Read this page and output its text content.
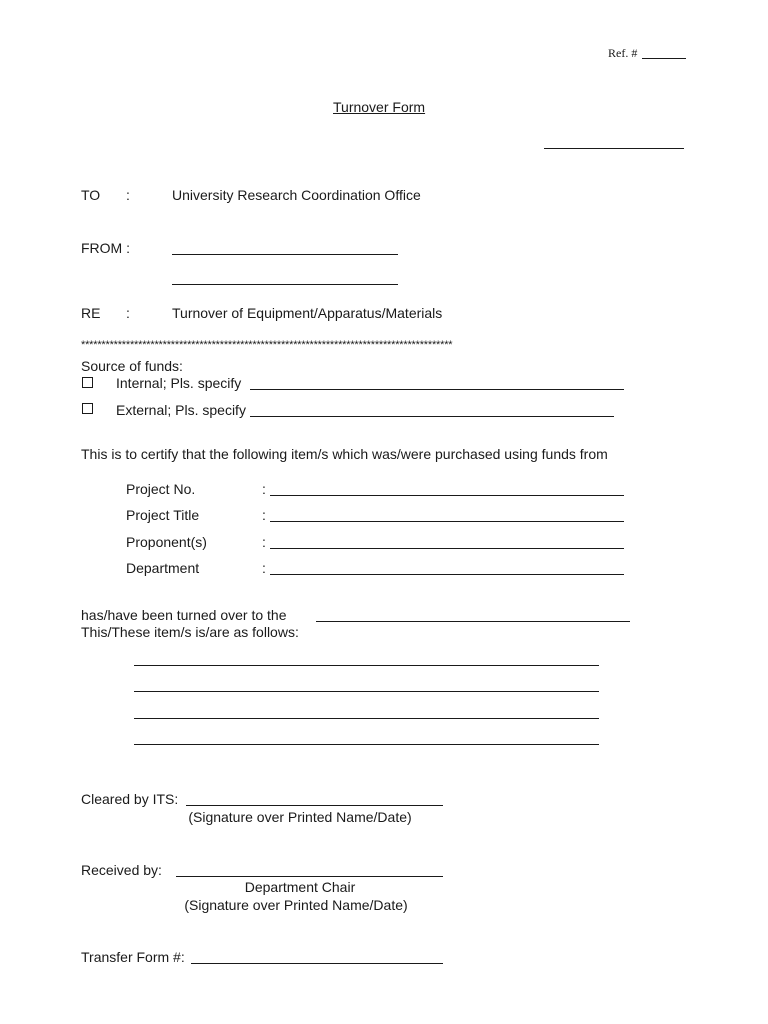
Ref. #
Turnover Form
TO :	University Research Coordination Office
FROM :
RE :	Turnover of Equipment/Apparatus/Materials
*******************************************************************************************
Source of funds:
Internal; Pls. specify
External; Pls. specify
This is to certify that the following item/s which was/were purchased using funds from
Project No.	:
Project Title	:
Proponent(s)	:
Department	:
has/have been turned over to the
This/These item/s is/are as follows:
Cleared by ITS:
(Signature over Printed Name/Date)
Received by:
Department Chair
(Signature over Printed Name/Date)
Transfer Form #:
